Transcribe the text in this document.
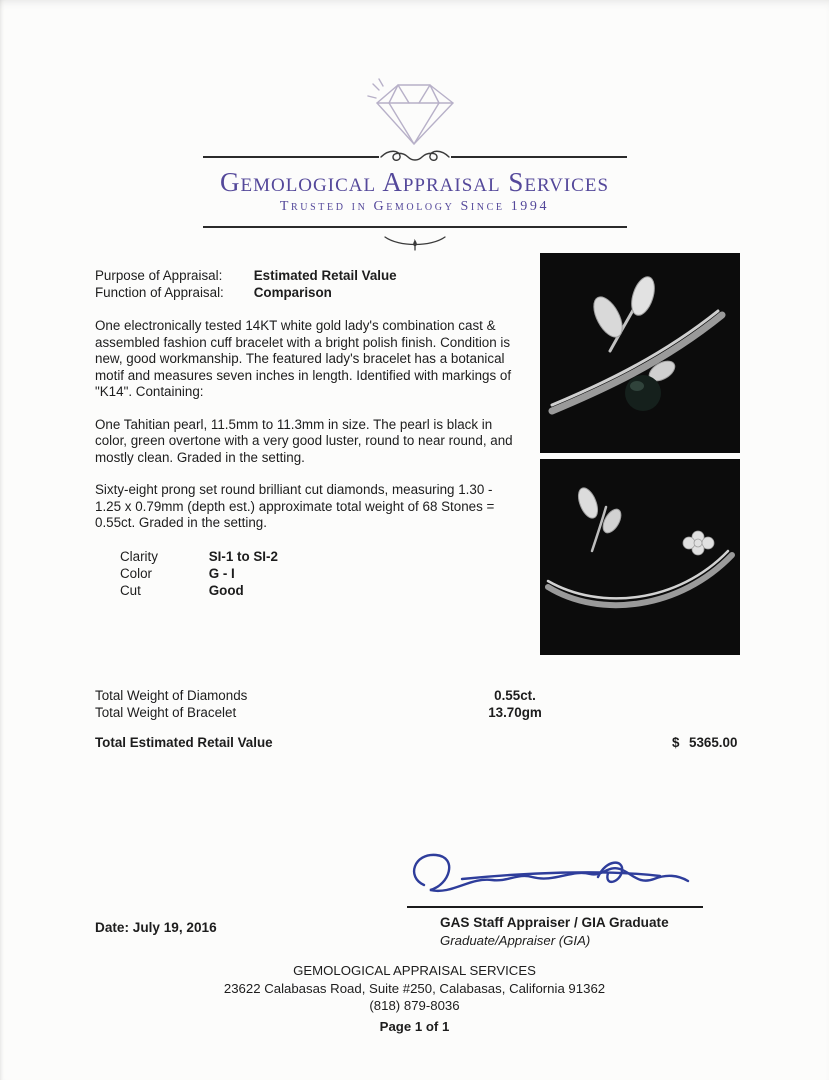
Gemological Appraisal Services
Trusted in Gemology Since 1994
Purpose of Appraisal: Estimated Retail Value
Function of Appraisal: Comparison

One electronically tested 14KT white gold lady's combination cast & assembled fashion cuff bracelet with a bright polish finish. Condition is new, good workmanship. The featured lady's bracelet has a botanical motif and measures seven inches in length. Identified with markings of "K14". Containing:

One Tahitian pearl, 11.5mm to 11.3mm in size. The pearl is black in color, green overtone with a very good luster, round to near round, and mostly clean. Graded in the setting.

Sixty-eight prong set round brilliant cut diamonds, measuring 1.30 - 1.25 x 0.79mm (depth est.) approximate total weight of 68 Stones = 0.55ct. Graded in the setting.

Clarity	SI-1 to SI-2
Color	G - I
Cut	Good
Total Weight of Diamonds	0.55ct.
Total Weight of Bracelet	13.70gm
Total Estimated Retail Value	$ 5365.00
Date: July 19, 2016	GAS Staff Appraiser / GIA Graduate
Graduate/Appraiser (GIA)
GEMOLOGICAL APPRAISAL SERVICES
23622 Calabasas Road, Suite #250, Calabasas, California 91362
(818) 879-8036
Page 1 of 1
